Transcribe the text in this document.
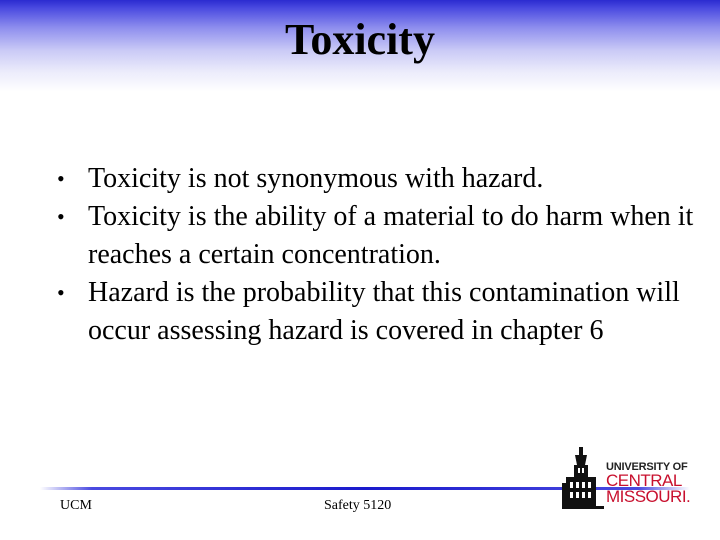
Toxicity
• Toxicity is not synonymous with hazard.
• Toxicity is the ability of a material to do harm when it reaches a certain concentration.
• Hazard is the probability that this contamination will occur assessing hazard is covered in chapter 6
UCM	Safety 5120
UNIVERSITY OF
CENTRAL
MISSOURI.
